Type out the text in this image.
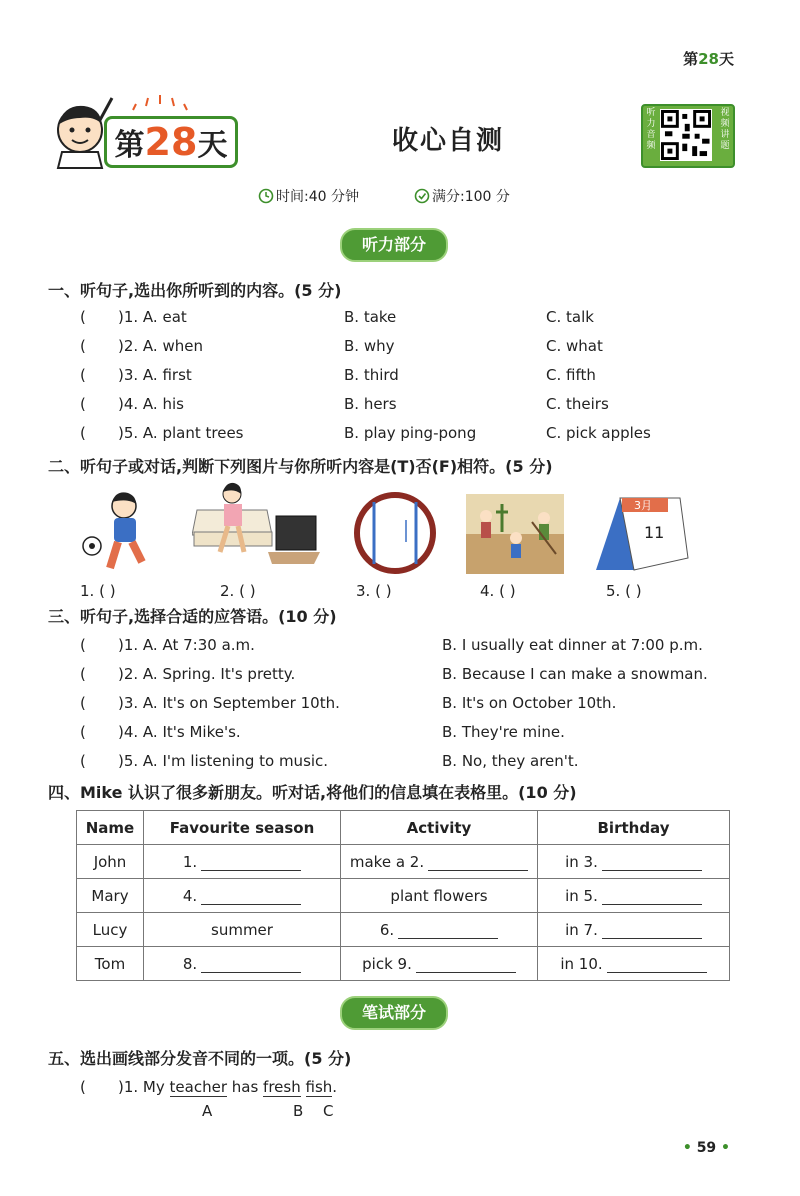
第28天
第28天	收心自测
听力音频
视频讲题
时间:40 分钟	满分:100 分
听力部分
一、听句子,选出你所听到的内容。(5 分)
( )1. A. eat	B. take	C. talk
( )2. A. when	B. why	C. what
( )3. A. first	B. third	C. fifth
( )4. A. his	B. hers	C. theirs
( )5. A. plant trees	B. play ping-pong	C. pick apples
二、听句子或对话,判断下列图片与你所听内容是(T)否(F)相符。(5 分)
3月
11
1. ( )	2. ( )	3. ( )	4. ( )	5. ( )
三、听句子,选择合适的应答语。(10 分)
( )1. A. At 7:30 a.m.	B. I usually eat dinner at 7:00 p.m.
( )2. A. Spring. It's pretty.	B. Because I can make a snowman.
( )3. A. It's on September 10th.	B. It's on October 10th.
( )4. A. It's Mike's.	B. They're mine.
( )5. A. I'm listening to music.	B. No, they aren't.
四、Mike 认识了很多新朋友。听对话,将他们的信息填在表格里。(10 分)
Name	Favourite season	Activity	Birthday
John	1.	make a 2.	in 3.
Mary	4.	plant flowers	in 5.
Lucy	summer	6.	in 7.
Tom	8.	pick 9.	in 10.
笔试部分
五、选出画线部分发音不同的一项。(5 分)
( )1. My teacher has fresh fish.
A	B C
• 59 •
